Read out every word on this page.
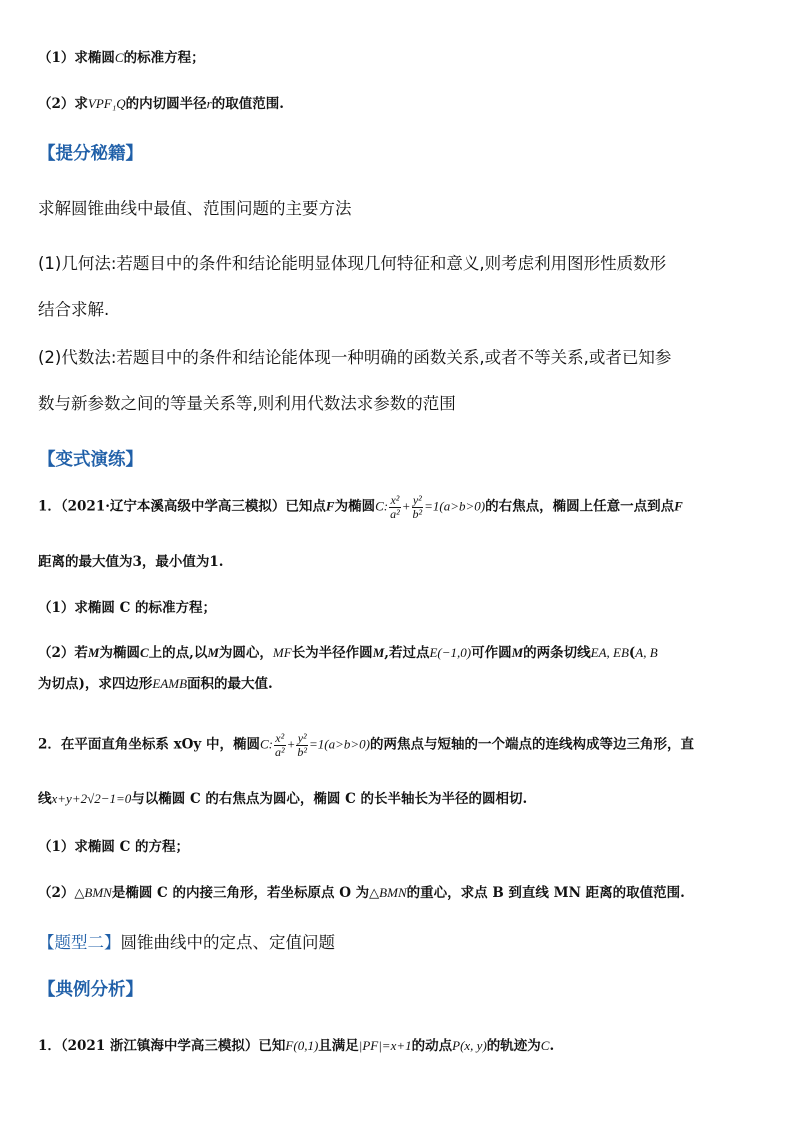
（1）求椭圆C的标准方程；
（2）求VPF₁Q的内切圆半径r的取值范围.
【提分秘籍】
求解圆锥曲线中最值、范围问题的主要方法
(1)几何法:若题目中的条件和结论能明显体现几何特征和意义,则考虑利用图形性质数形
结合求解.
(2)代数法:若题目中的条件和结论能体现一种明确的函数关系,或者不等关系,或者已知参
数与新参数之间的等量关系等,则利用代数法求参数的范围
【变式演练】
1．（2021·辽宁本溪高级中学高三模拟）已知点F为椭圆C: $\frac{\text{x²}}{\text{a²}} + \frac{\text{y²}}{\text{b²}} =1(a>b>0)$的右焦点，椭圆上任意一点到点F
距离的最大值为3，最小值为1.
（1）求椭圆 C 的标准方程；
（2）若M为椭圆C上的点,以M为圆心，MF长为半径作圆M,若过点E(−1,0)可作圆M的两条切线EA, EB(A, B
为切点)，求四边形EAMB面积的最大值.
2．在平面直角坐标系 xOy 中，椭圆C: $\frac{\text{x²}}{\text{a²}} + \frac{\text{y²}}{\text{b²}} =1(a>b>0)$的两焦点与短轴的一个端点的连线构成等边三角形，直
线x+y+2√2−1=0与以椭圆 C 的右焦点为圆心，椭圆 C 的长半轴长为半径的圆相切.
（1）求椭圆 C 的方程；
（2）△BMN是椭圆 C 的内接三角形，若坐标原点 O 为△BMN的重心，求点 B 到直线 MN 距离的取值范围.
【题型二】圆锥曲线中的定点、定值问题
【典例分析】
1．（2021 浙江镇海中学高三模拟）已知F(0,1)且满足|PF|=x+1的动点P(x, y)的轨迹为C.
